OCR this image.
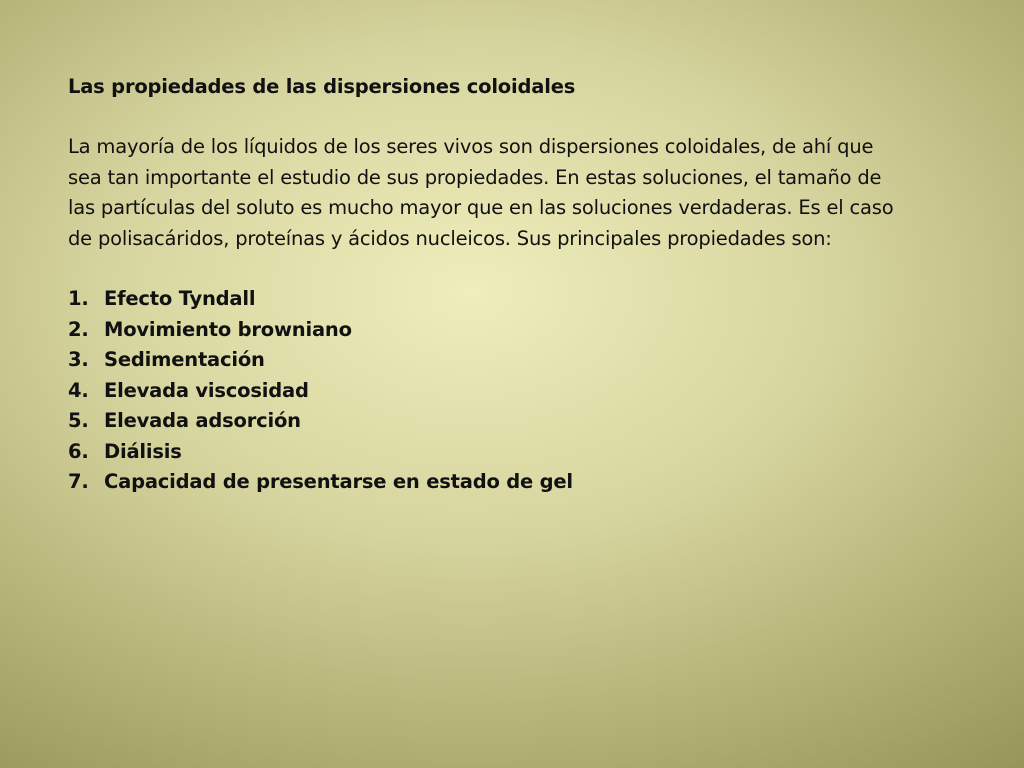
Las propiedades de las dispersiones coloidales
La mayoría de los líquidos de los seres vivos son dispersiones coloidales, de ahí que
sea tan importante el estudio de sus propiedades. En estas soluciones, el tamaño de
las partículas del soluto es mucho mayor que en las soluciones verdaderas. Es el caso
de polisacáridos, proteínas y ácidos nucleicos. Sus principales propiedades son:
1. Efecto Tyndall
2. Movimiento browniano
3. Sedimentación
4. Elevada viscosidad
5. Elevada adsorción
6. Diálisis
7. Capacidad de presentarse en estado de gel
